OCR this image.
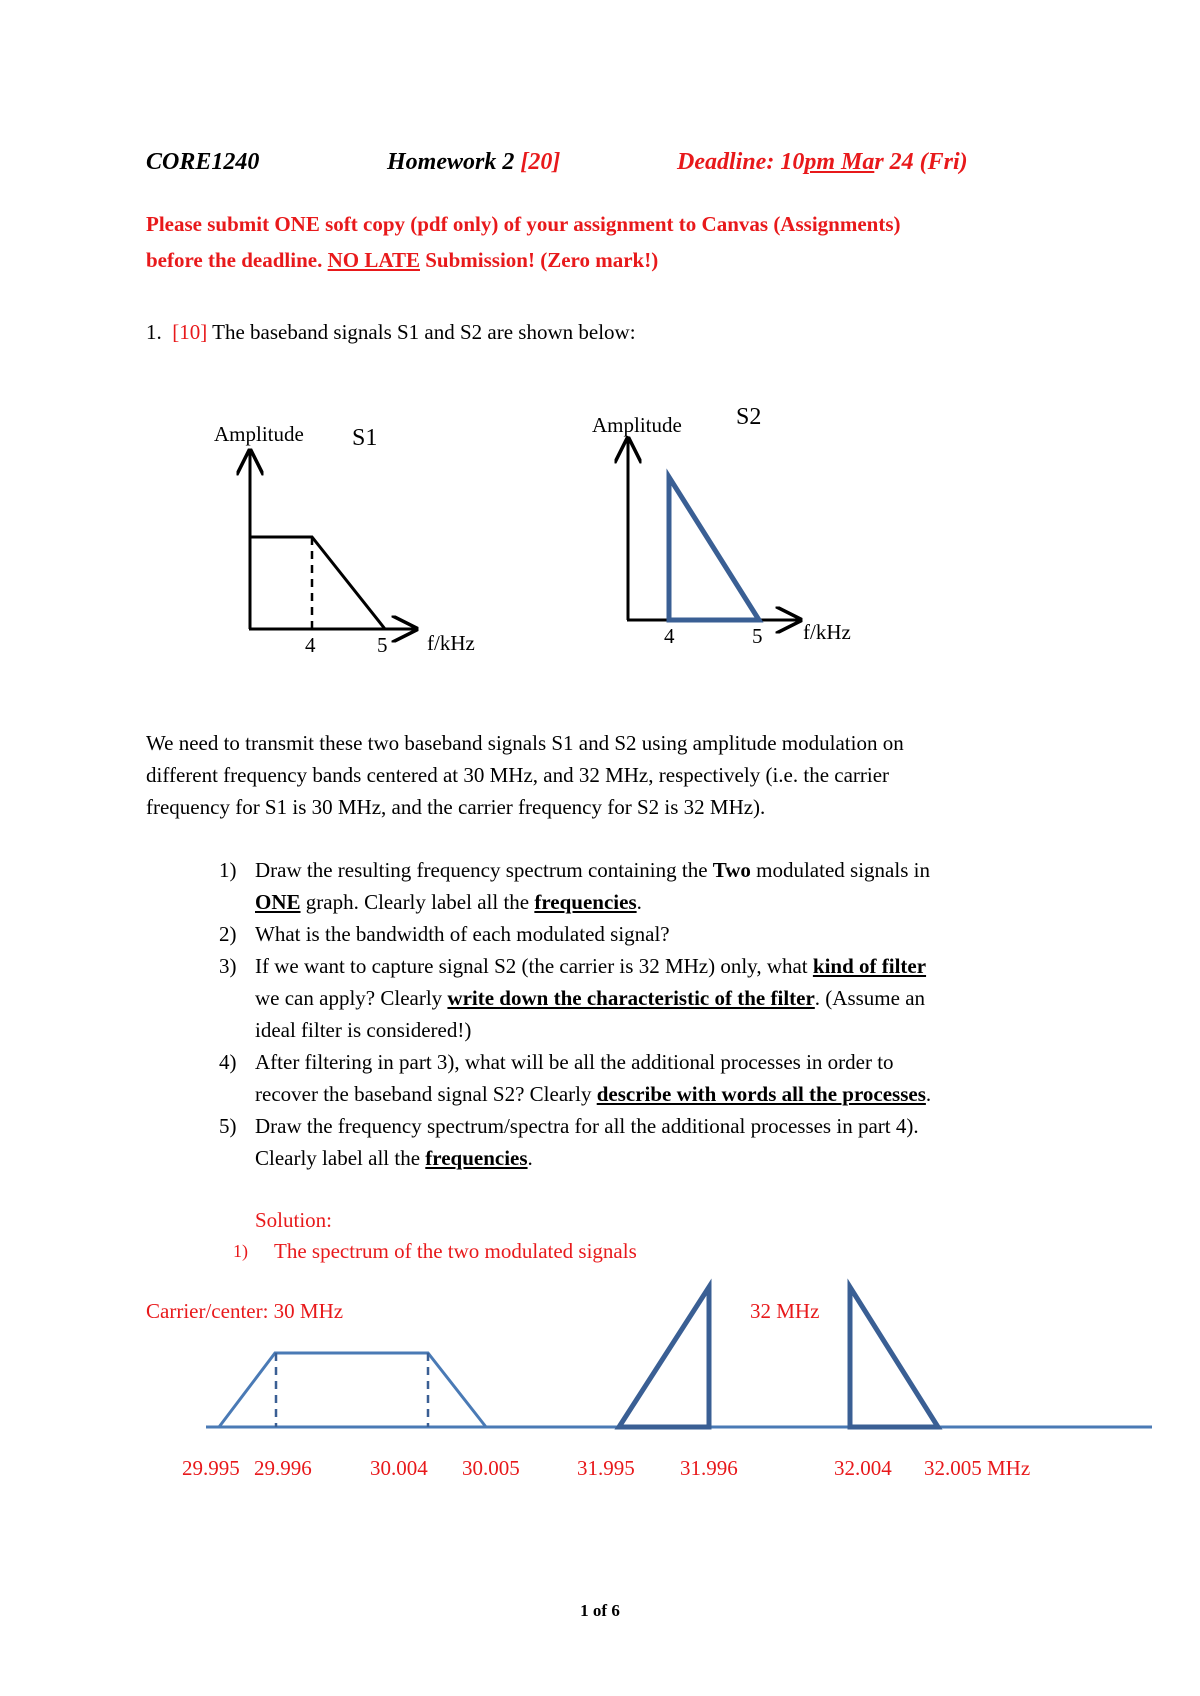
CORE1240	Homework 2 [20]	Deadline: 10pm Mar 24 (Fri)
Please submit ONE soft copy (pdf only) of your assignment to Canvas (Assignments)
before the deadline. NO LATE Submission! (Zero mark!)
1. [10] The baseband signals S1 and S2 are shown below:
Amplitude S1
4	5 f/kHz
Amplitude S2
4	5 f/kHz
Carrier/center: 30 MHz	32 MHz
29.995 29.996	30.004 30.005	31.995 31.996	32.004 32.005 MHz
We need to transmit these two baseband signals S1 and S2 using amplitude modulation on
different frequency bands centered at 30 MHz, and 32 MHz, respectively (i.e. the carrier
frequency for S1 is 30 MHz, and the carrier frequency for S2 is 32 MHz).
1) Draw the resulting frequency spectrum containing the Two modulated signals in
ONE graph. Clearly label all the frequencies.
2) What is the bandwidth of each modulated signal?
3) If we want to capture signal S2 (the carrier is 32 MHz) only, what kind of filter
we can apply? Clearly write down the characteristic of the filter. (Assume an
ideal filter is considered!)
4) After filtering in part 3), what will be all the additional processes in order to
recover the baseband signal S2? Clearly describe with words all the processes.
5) Draw the frequency spectrum/spectra for all the additional processes in part 4).
Clearly label all the frequencies.
Solution:
1) The spectrum of the two modulated signals
1 of 6
